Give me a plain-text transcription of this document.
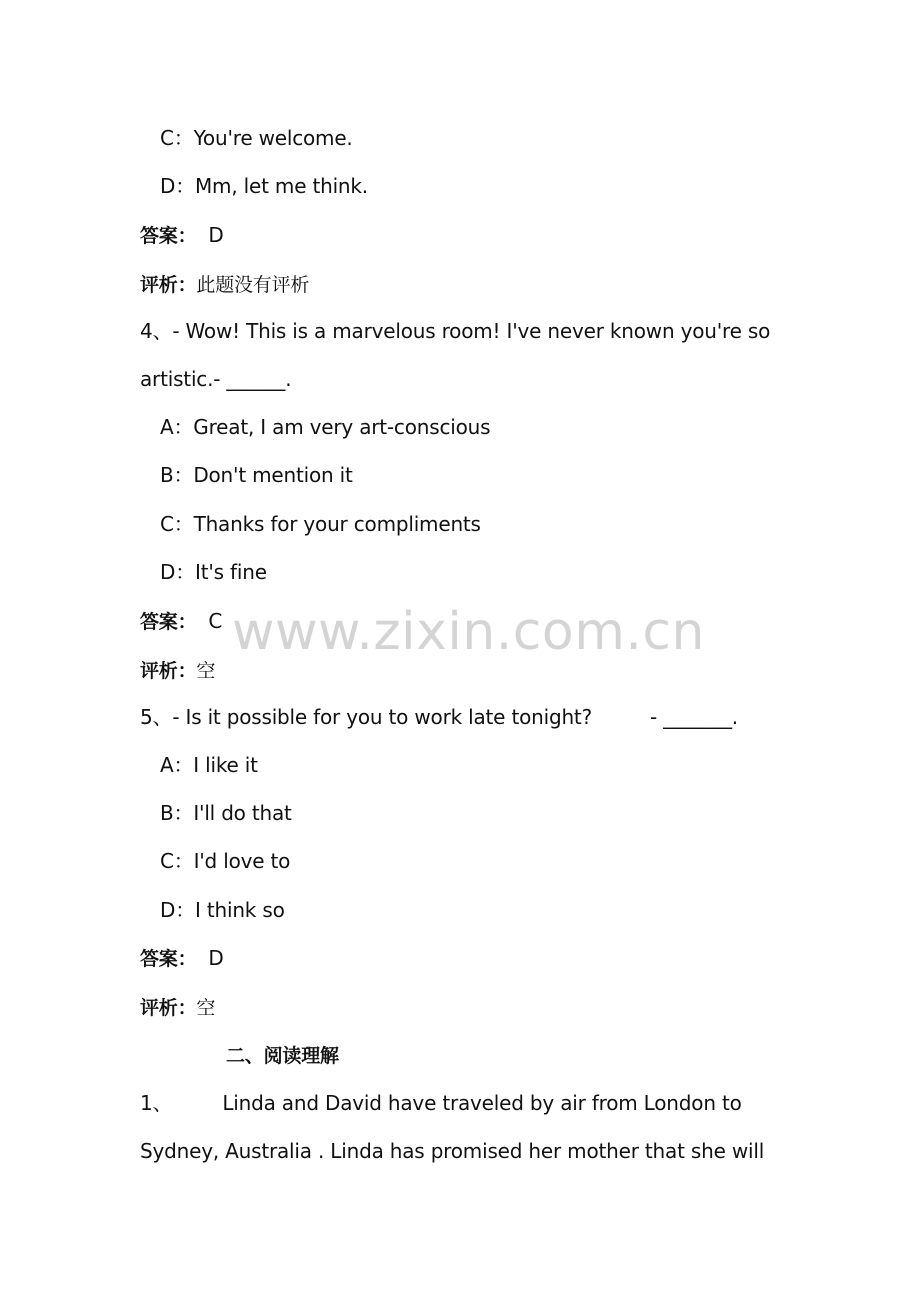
C：You're welcome.
D：Mm, let me think.
答案： D
评析：此题没有评析
4、- Wow! This is a marvelous room! I've never known you're so
artistic.- ______.
A：Great, I am very art-conscious
B：Don't mention it
C：Thanks for your compliments
D：It's fine
答案： C
评析：空
5、- Is it possible for you to work late tonight?	- _______.
A：I like it
B：I'll do that
C：I'd love to
D：I think so
答案： D
评析：空
二、阅读理解
1、	Linda and David have traveled by air from London to
Sydney, Australia . Linda has promised her mother that she will
www.zixin.com.cn
